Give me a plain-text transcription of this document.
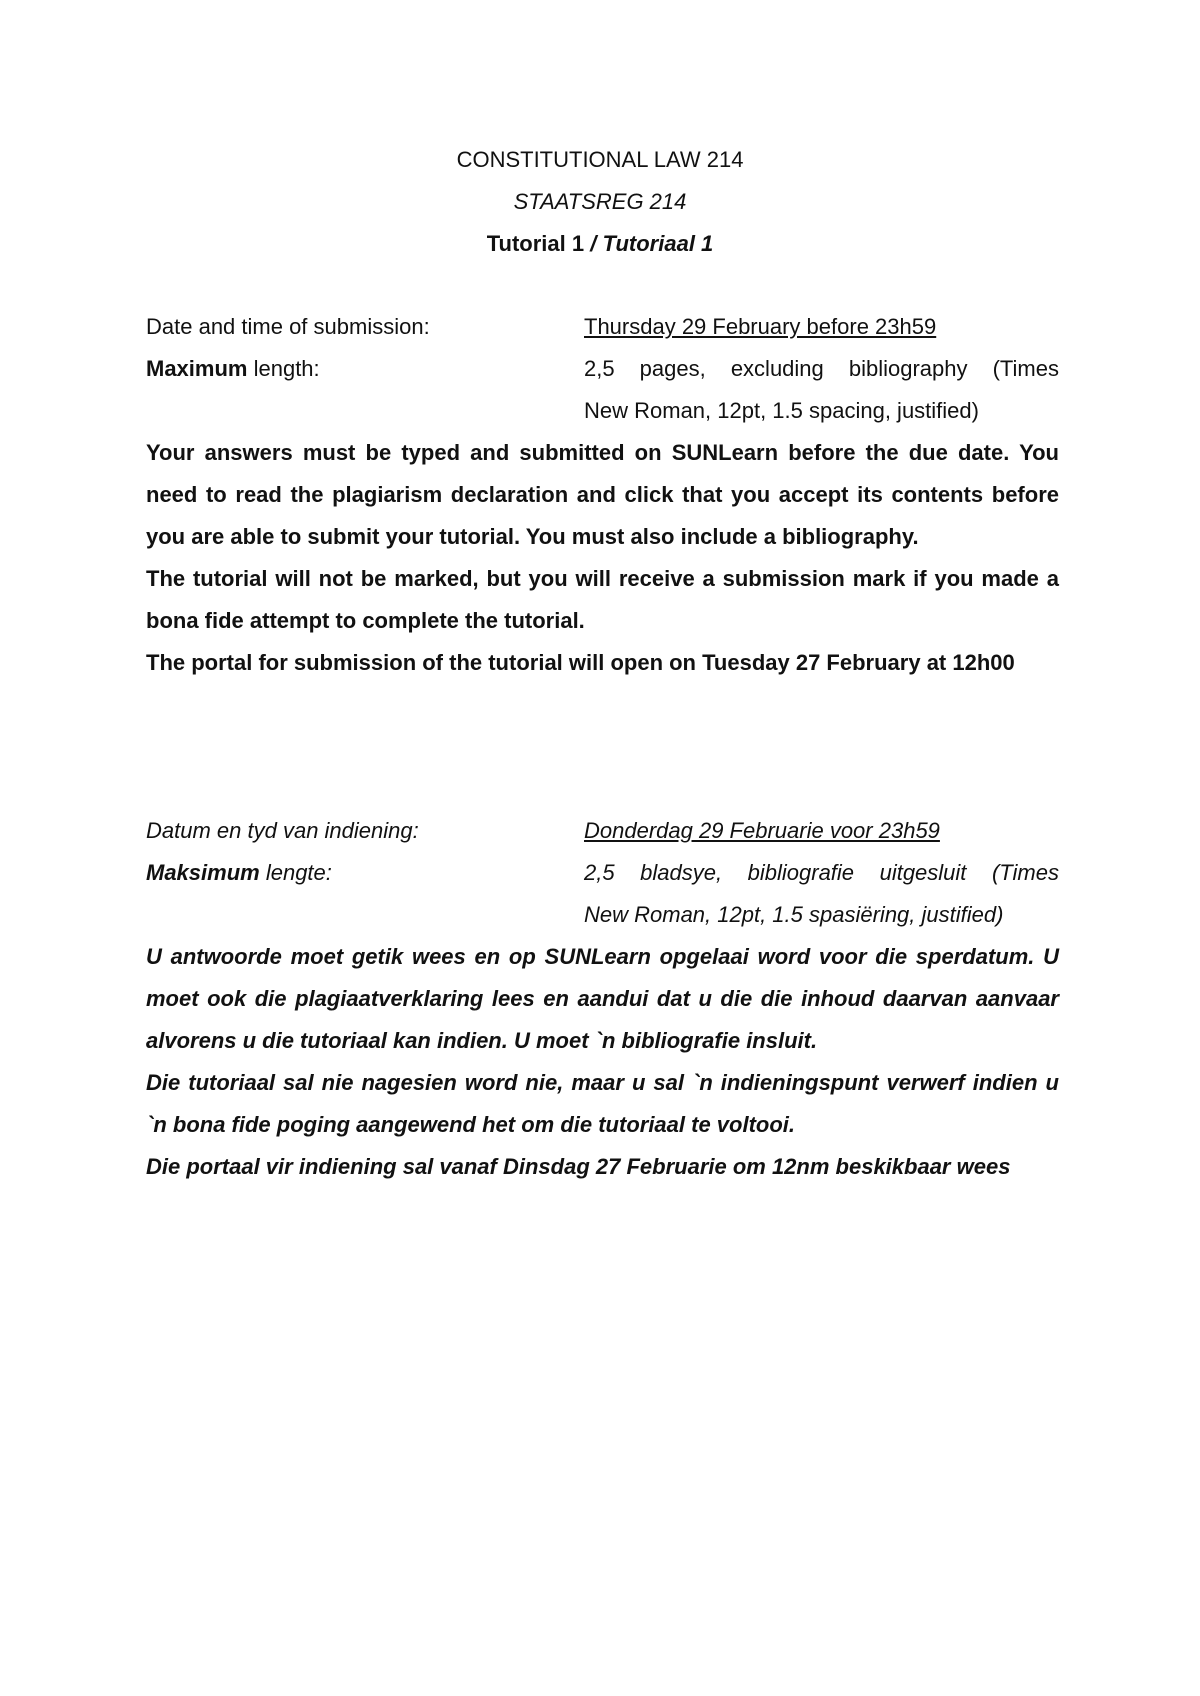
CONSTITUTIONAL LAW 214
STAATSREG 214
Tutorial 1 / Tutoriaal 1
Date and time of submission:	Thursday 29 February before 23h59
Maximum length:	2,5 pages, excluding bibliography (Times
New Roman, 12pt, 1.5 spacing, justified)

Your answers must be typed and submitted on SUNLearn before the due date. You need to read the plagiarism declaration and click that you accept its contents before you are able to submit your tutorial. You must also include a bibliography.

The tutorial will not be marked, but you will receive a submission mark if you made a bona fide attempt to complete the tutorial.

The portal for submission of the tutorial will open on Tuesday 27 February at 12h00

Datum en tyd van indiening:	Donderdag 29 Februarie voor 23h59
Maksimum lengte:	2,5 bladsye, bibliografie uitgesluit (Times
New Roman, 12pt, 1.5 spasiëring, justified)

U antwoorde moet getik wees en op SUNLearn opgelaai word voor die sperdatum. U moet ook die plagiaatverklaring lees en aandui dat u die die inhoud daarvan aanvaar alvorens u die tutoriaal kan indien. U moet `n bibliografie insluit.

Die tutoriaal sal nie nagesien word nie, maar u sal `n indieningspunt verwerf indien u `n bona fide poging aangewend het om die tutoriaal te voltooi.

Die portaal vir indiening sal vanaf Dinsdag 27 Februarie om 12nm beskikbaar wees
